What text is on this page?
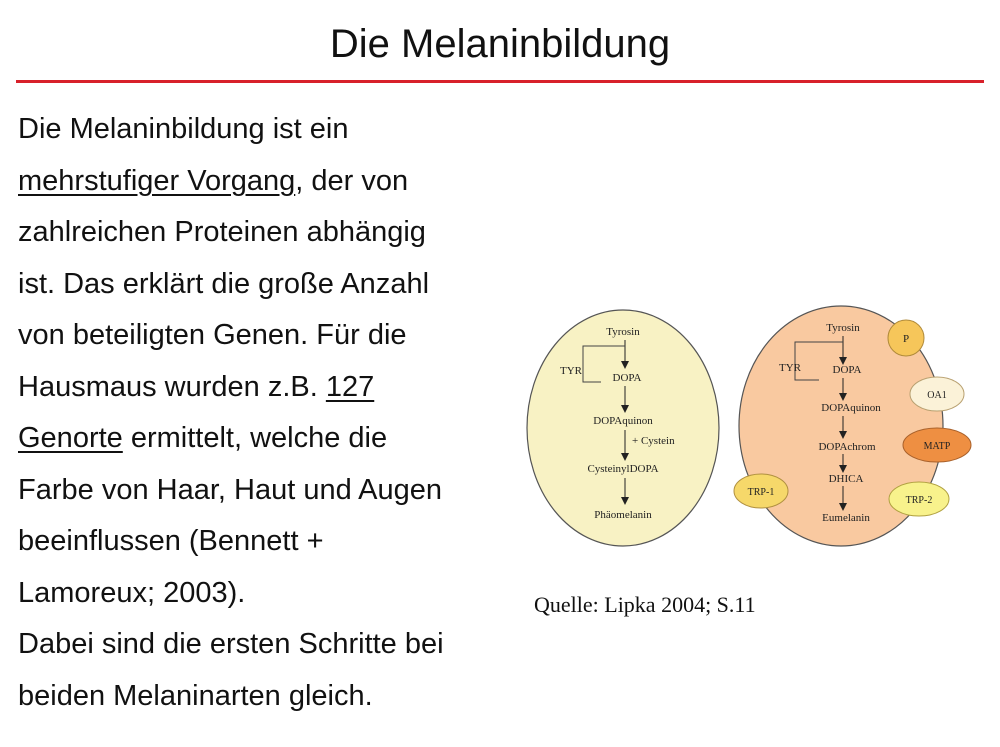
Die Melaninbildung

Die Melaninbildung ist ein

mehrstufiger Vorgang, der von

zahlreichen Proteinen abhängig

ist. Das erklärt die große Anzahl

von beteiligten Genen. Für die

Hausmaus wurden z.B. 127

Genorte ermittelt, welche die

Farbe von Haar, Haut und Augen

beeinflussen (Bennett +

Lamoreux; 2003).

Dabei sind die ersten Schritte bei

beiden Melaninarten gleich.

Tyrosin
TYR
DOPA
DOPAquinon
+ Cystein
CysteinylDOPA
Phäomelanin
Tyrosin
TYR	DOPA
DOPAquinon
DOPAchrom
DHICA
Eumelanin
P
OA1
MATP
TRP-2
TRP-1
Quelle: Lipka 2004; S.11
